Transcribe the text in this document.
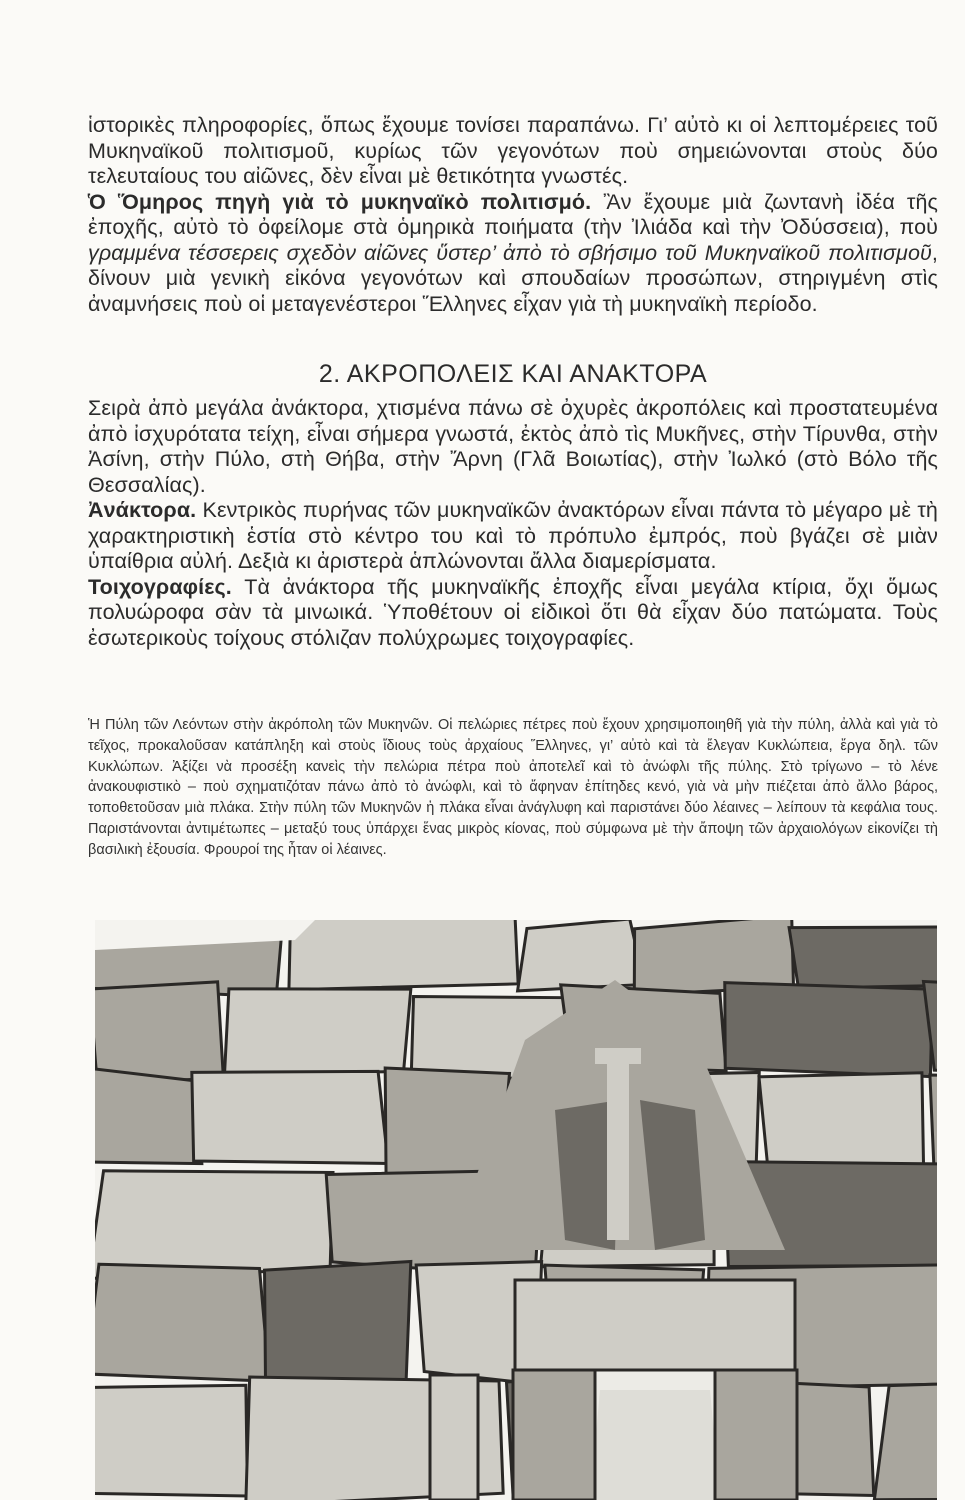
ἱστορικὲς πληροφορίες, ὅπως ἔχουμε τονίσει παραπάνω. Γι’ αὐτὸ κι οἱ λεπτομέρειες τοῦ Μυκηναϊκοῦ πολιτισμοῦ, κυρίως τῶν γεγονότων ποὺ σημειώνονται στοὺς δύο τελευταίους του αἰῶνες, δὲν εἶναι μὲ θετικότητα γνωστές.
Ὁ Ὅμηρος πηγὴ γιὰ τὸ μυκηναϊκὸ πολιτισμό. Ἂν ἔχουμε μιὰ ζωντανὴ ἰδέα τῆς ἐποχῆς, αὐτὸ τὸ ὀφείλομε στὰ ὁμηρικὰ ποιήματα (τὴν Ἰλιάδα καὶ τὴν Ὀδύσσεια), ποὺ γραμμένα τέσσερεις σχεδὸν αἰῶνες ὕστερ’ ἀπὸ τὸ σβήσιμο τοῦ Μυκηναϊκοῦ πολιτισμοῦ, δίνουν μιὰ γενικὴ εἰκόνα γεγονότων καὶ σπουδαίων προσώπων, στηριγμένη στὶς ἀναμνήσεις ποὺ οἱ μεταγενέστεροι Ἕλληνες εἶχαν γιὰ τὴ μυκηναϊκὴ περίοδο.

2. ΑΚΡΟΠΟΛΕΙΣ ΚΑΙ ΑΝΑΚΤΟΡΑ

Σειρὰ ἀπὸ μεγάλα ἀνάκτορα, χτισμένα πάνω σὲ ὀχυρὲς ἀκροπόλεις καὶ προστατευμένα ἀπὸ ἰσχυρότατα τείχη, εἶναι σήμερα γνωστά, ἐκτὸς ἀπὸ τὶς Μυκῆνες, στὴν Τίρυνθα, στὴν Ἀσίνη, στὴν Πύλο, στὴ Θήβα, στὴν Ἄρνη (Γλᾶ Βοιωτίας), στὴν Ἰωλκό (στὸ Βόλο τῆς Θεσσαλίας).

Ἀνάκτορα. Κεντρικὸς πυρήνας τῶν μυκηναϊκῶν ἀνακτόρων εἶναι πάντα τὸ μέγαρο μὲ τὴ χαρακτηριστικὴ ἑστία στὸ κέντρο του καὶ τὸ πρόπυλο ἐμπρός, ποὺ βγάζει σὲ μιὰν ὑπαίθρια αὐλή. Δεξιὰ κι ἀριστερὰ ἁπλώνονται ἄλλα διαμερίσματα.

Τοιχογραφίες. Τὰ ἀνάκτορα τῆς μυκηναϊκῆς ἐποχῆς εἶναι μεγάλα κτίρια, ὄχι ὅμως πολυώροφα σὰν τὰ μινωικά. Ὑποθέτουν οἱ εἰδικοὶ ὅτι θὰ εἶχαν δύο πατώματα. Τοὺς ἐσωτερικοὺς τοίχους στόλιζαν πολύχρωμες τοιχογραφίες.

Ἡ Πύλη τῶν Λεόντων στὴν ἀκρόπολη τῶν Μυκηνῶν. Οἱ πελώριες πέτρες ποὺ ἔχουν χρησιμοποιηθῆ γιὰ τὴν πύλη, ἀλλὰ καὶ γιὰ τὸ τεῖχος, προκαλοῦσαν κατάπληξη καὶ στοὺς ἴδιους τοὺς ἀρχαίους Ἕλληνες, γι’ αὐτὸ καὶ τὰ ἔλεγαν Κυκλώπεια, ἔργα δηλ. τῶν Κυκλώπων. Ἀξίζει νὰ προσέξη κανεὶς τὴν πελώρια πέτρα ποὺ ἀποτελεῖ καὶ τὸ ἀνώφλι τῆς πύλης. Στὸ τρίγωνο – τὸ λένε ἀνακουφιστικὸ – ποὺ σχηματιζόταν πάνω ἀπὸ τὸ ἀνώφλι, καὶ τὸ ἄφηναν ἐπίτηδες κενό, γιὰ νὰ μὴν πιέζεται ἀπὸ ἄλλο βάρος, τοποθετοῦσαν μιὰ πλάκα. Στὴν πύλη τῶν Μυκηνῶν ἡ πλάκα εἶναι ἀνάγλυφη καὶ παριστάνει δύο λέαινες – λείπουν τὰ κεφάλια τους. Παριστάνονται ἀντιμέτωπες – μεταξύ τους ὑπάρχει ἕνας μικρὸς κίονας, ποὺ σύμφωνα μὲ τὴν ἄποψη τῶν ἀρχαιολόγων εἰκονίζει τὴ βασιλικὴ ἐξουσία. Φρουροί της ἦταν οἱ λέαινες.
